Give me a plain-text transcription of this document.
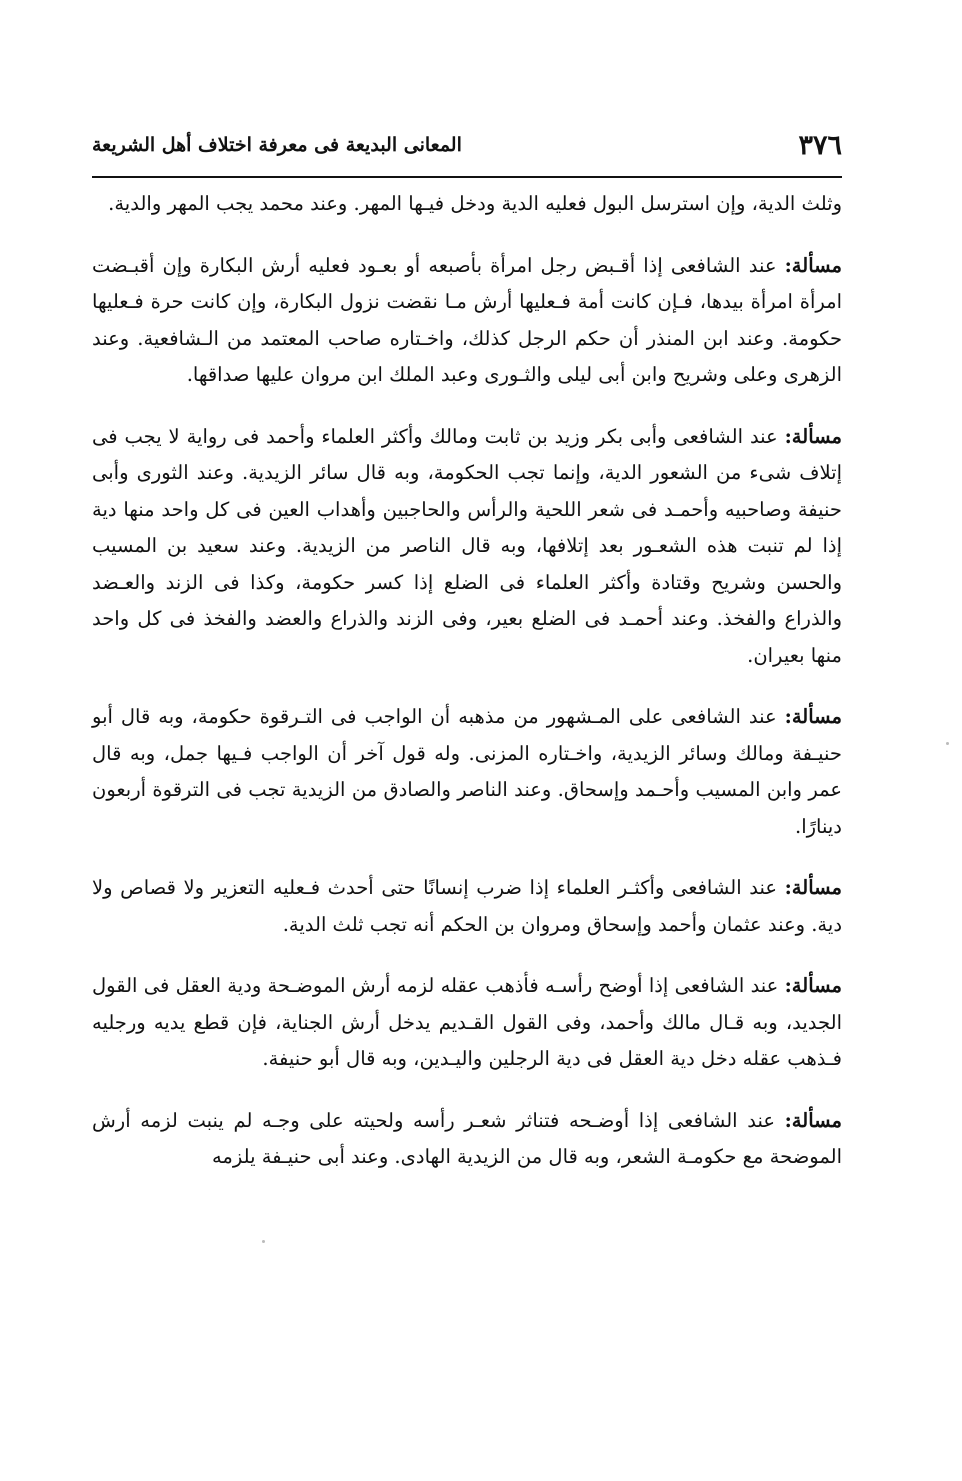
٣٧٦
المعانى البديعة فى معرفة اختلاف أهل الشريعة

وثلث الدية، وإن استرسل البول فعليه الدية ودخل فيـها المهر. وعند محمد يجب المهر والدية.

مسألة: عند الشافعى إذا أقـبض رجل امرأة بأصبعه أو بعـود فعليه أرش البكارة وإن أقبـضت امرأة امرأة بيدها، فـإن كانت أمة فـعليها أرش مـا نقضت نزول البكارة، وإن كانت حرة فـعليها حكومة. وعند ابن المنذر أن حكم الرجل كذلك، واخـتاره صاحب المعتمد من الـشافعية. وعند الزهرى وعلى وشريح وابن أبى ليلى والثـورى وعبد الملك ابن مروان عليها صداقها.

مسألة: عند الشافعى وأبى بكر وزيد بن ثابت ومالك وأكثر العلماء وأحمد فى رواية لا يجب فى إتلاف شىء من الشعور الدية، وإنما تجب الحكومة، وبه قال سائر الزيدية. وعند الثورى وأبى حنيفة وصاحبيه وأحمـد فى شعر اللحية والرأس والحاجبين وأهداب العين فى كل واحد منها دية إذا لم تنبت هذه الشعـور بعد إتلافها، وبه قال الناصر من الزيدية. وعند سعيد بن المسيب والحسن وشريح وقتادة وأكثر العلماء فى الضلع إذا كسر حكومة، وكذا فى الزند والعـضد والذراع والفخذ. وعند أحمـد فى الضلع بعير، وفى الزند والذراع والعضد والفخذ فى كل واحد منها بعيران.

مسألة: عند الشافعى على المـشهور من مذهبه أن الواجب فى التـرقوة حكومة، وبه قال أبو حنيـفة ومالك وسائر الزيدية، واخـتاره المزنى. وله قول آخر أن الواجب فـيها جمل، وبه قال عمر وابن المسيب وأحـمد وإسحاق. وعند الناصر والصادق من الزيدية تجب فى الترقوة أربعون دينارًا.

مسألة: عند الشافعى وأكثـر العلماء إذا ضرب إنسانًا حتى أحدث فـعليه التعزير ولا قصاص ولا دية. وعند عثمان وأحمد وإسحاق ومروان بن الحكم أنه تجب ثلث الدية.

مسألة: عند الشافعى إذا أوضح رأسـه فأذهب عقله لزمه أرش الموضـحة ودية العقل فى القول الجديد، وبه قـال مالك وأحمد، وفى القول القـديم يدخل أرش الجناية، فإن قطع يديه ورجليه فـذهب عقله دخل دية العقل فى دية الرجلين واليـدين، وبه قال أبو حنيفة.

مسألة: عند الشافعى إذا أوضـحه فتناثر شعـر رأسه ولحيته على وجـه لم ينبت لزمه أرش الموضحة مع حكومـة الشعر، وبه قال من الزيدية الهادى. وعند أبى حنيـفة يلزمه
